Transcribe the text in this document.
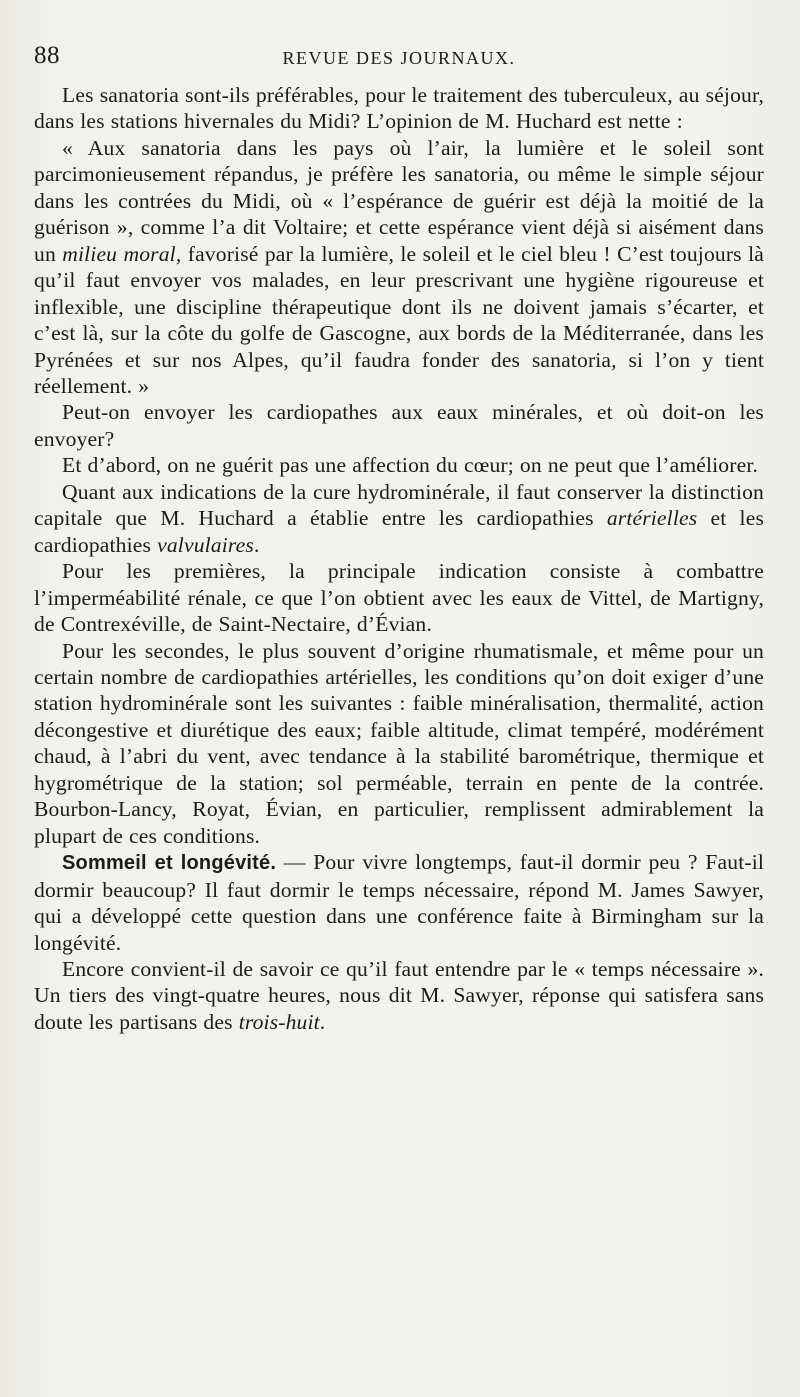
88	REVUE DES JOURNAUX.

Les sanatoria sont-ils préférables, pour le traitement des tuberculeux, au séjour, dans les stations hivernales du Midi? L’opinion de M. Huchard est nette :

« Aux sanatoria dans les pays où l’air, la lumière et le soleil sont parcimonieusement répandus, je préfère les sanatoria, ou même le simple séjour dans les contrées du Midi, où « l’espérance de guérir est déjà la moitié de la guérison », comme l’a dit Voltaire; et cette espérance vient déjà si aisément dans un milieu moral, favorisé par la lumière, le soleil et le ciel bleu ! C’est toujours là qu’il faut envoyer vos malades, en leur prescrivant une hygiène rigoureuse et inflexible, une discipline thérapeutique dont ils ne doivent jamais s’écarter, et c’est là, sur la côte du golfe de Gascogne, aux bords de la Méditerranée, dans les Pyrénées et sur nos Alpes, qu’il faudra fonder des sanatoria, si l’on y tient réellement. »

Peut-on envoyer les cardiopathes aux eaux minérales, et où doit-on les envoyer?

Et d’abord, on ne guérit pas une affection du cœur; on ne peut que l’améliorer.

Quant aux indications de la cure hydrominérale, il faut conserver la distinction capitale que M. Huchard a établie entre les cardiopathies artérielles et les cardiopathies valvulaires.

Pour les premières, la principale indication consiste à combattre l’imperméabilité rénale, ce que l’on obtient avec les eaux de Vittel, de Martigny, de Contrexéville, de Saint-Nectaire, d’Évian.

Pour les secondes, le plus souvent d’origine rhumatismale, et même pour un certain nombre de cardiopathies artérielles, les conditions qu’on doit exiger d’une station hydrominérale sont les suivantes : faible minéralisation, thermalité, action décongestive et diurétique des eaux; faible altitude, climat tempéré, modérément chaud, à l’abri du vent, avec tendance à la stabilité barométrique, thermique et hygrométrique de la station; sol perméable, terrain en pente de la contrée. Bourbon-Lancy, Royat, Évian, en particulier, remplissent admirablement la plupart de ces conditions.

Sommeil et longévité. — Pour vivre longtemps, faut-il dormir peu ? Faut-il dormir beaucoup? Il faut dormir le temps nécessaire, répond M. James Sawyer, qui a développé cette question dans une conférence faite à Birmingham sur la longévité.

Encore convient-il de savoir ce qu’il faut entendre par le « temps nécessaire ». Un tiers des vingt-quatre heures, nous dit M. Sawyer, réponse qui satisfera sans doute les partisans des trois-huit.
